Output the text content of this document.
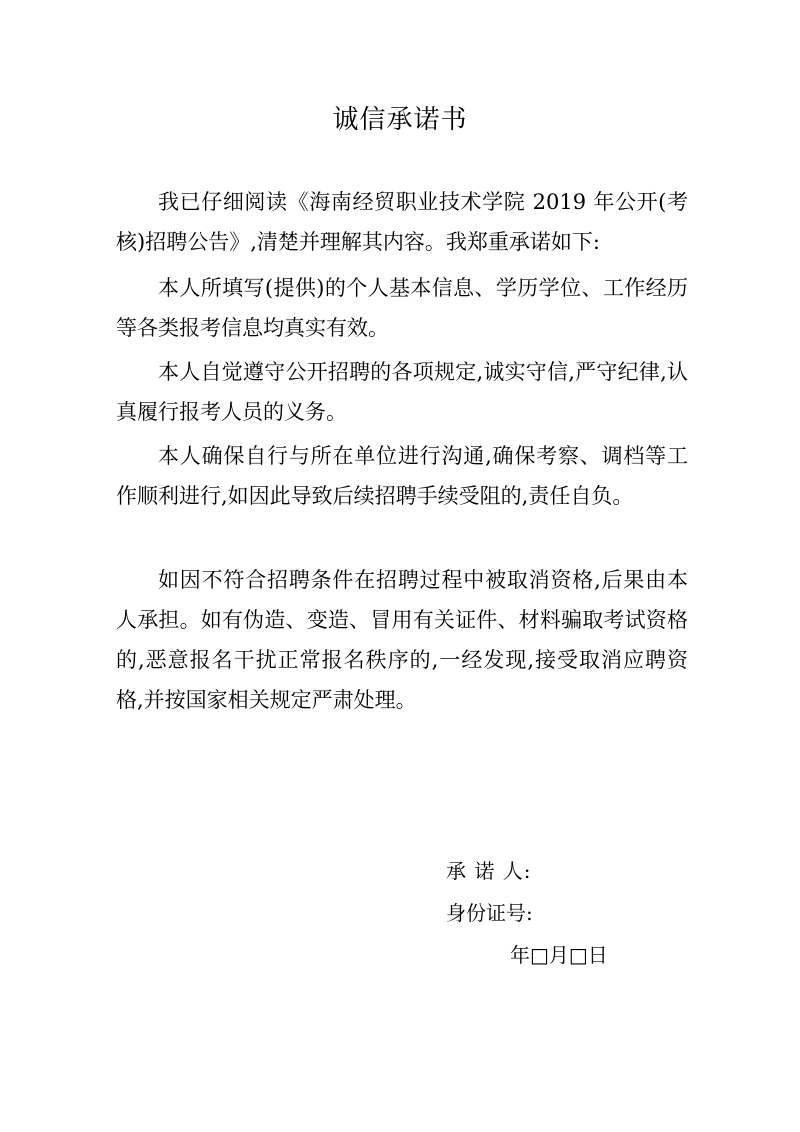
诚信承诺书

我已仔细阅读《海南经贸职业技术学院 2019 年公开(考核)招聘公告》,清楚并理解其内容。我郑重承诺如下:

本人所填写(提供)的个人基本信息、学历学位、工作经历等各类报考信息均真实有效。

本人自觉遵守公开招聘的各项规定,诚实守信,严守纪律,认真履行报考人员的义务。

本人确保自行与所在单位进行沟通,确保考察、调档等工作顺利进行,如因此导致后续招聘手续受阻的,责任自负。

如因不符合招聘条件在招聘过程中被取消资格,后果由本人承担。如有伪造、变造、冒用有关证件、材料骗取考试资格的,恶意报名干扰正常报名秩序的,一经发现,接受取消应聘资格,并按国家相关规定严肃处理。

承 诺 人:
身份证号:
年□月□日
